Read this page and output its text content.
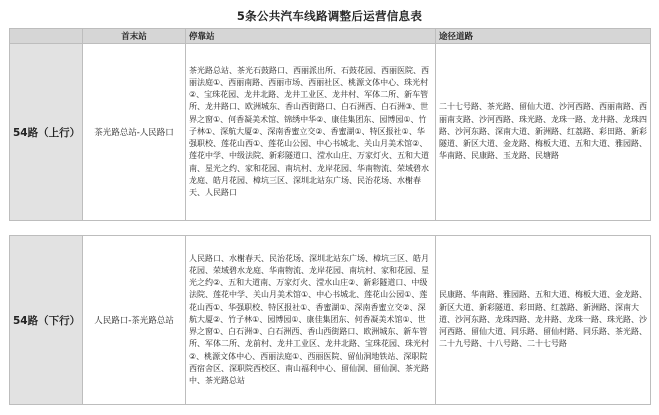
5条公共汽车线路调整后运营信息表
	首末站	停靠站	途径道路
54路（上行）	茶光路总站-人民路口	茶光路总站、茶光石鼓路口、西丽派出所、石鼓花园、西丽医院、西丽法庭①、西丽南路、西丽市场、西丽社区、桃源文体中心、珠光村②、宝珠花园、龙井北路、龙井工业区、龙井村、军体二所、新车管所、龙井路口、欧洲城东、香山西街路口、白石洲西、白石洲③、世界之窗①、何香凝美术馆、锦绣中华②、康佳集团东、园博园①、竹子林①、深航大厦②、深南香蜜立交②、香蜜湖①、特区报社①、华强职校、莲花山西①、莲花山公园、中心书城北、关山月美术馆②、莲花中学、中级法院、新彩隧道口、滢水山庄、万家灯火、五和大道南、星光之约、家和花园、南坑村、龙岸花园、华南物流、荣域碧水龙庭、皓月花园、樟坑三区、深圳北站东广场、民治花场、水榭春天、人民路口	二十七号路、茶光路、留仙大道、沙河西路、西丽南路、西丽南支路、沙河西路、珠光路、龙珠一路、龙井路、龙珠四路、沙河东路、深南大道、新洲路、红荔路、彩田路、新彩隧道、新区大道、金龙路、梅板大道、五和大道、雅园路、华南路、民康路、玉龙路、民塘路

54路（下行）	人民路口-茶光路总站	人民路口、水榭春天、民治花场、深圳北站东广场、樟坑三区、皓月花园、荣域碧水龙庭、华南物流、龙岸花园、南坑村、家和花园、星光之约②、五和大道南、万家灯火、滢水山庄②、新彩隧道口、中级法院、莲花中学、关山月美术馆①、中心书城北、莲花山公园①、莲花山西①、华强职校、特区报社①、香蜜湖①、深南香蜜立交②、深航大厦②、竹子林①、园博园①、康佳集团东、何香凝美术馆①、世界之窗①、白石洲③、白石洲西、香山西街路口、欧洲城东、新车管所、军体二所、龙前村、龙井工业区、龙井北路、宝珠花园、珠光村②、桃源文体中心、西丽法庭①、西丽医院、留仙洞地铁站、深职院西宿舍区、深职院西校区、南山福利中心、留仙洞、留仙洞、茶光路中、茶光路总站	民康路、华南路、雅园路、五和大道、梅板大道、金龙路、新区大道、新彩隧道、彩田路、红荔路、新洲路、深南大道、沙河东路、龙珠四路、龙井路、龙珠一路、珠光路、沙河西路、留仙大道、同乐路、留仙村路、同乐路、茶光路、二十九号路、十八号路、二十七号路
